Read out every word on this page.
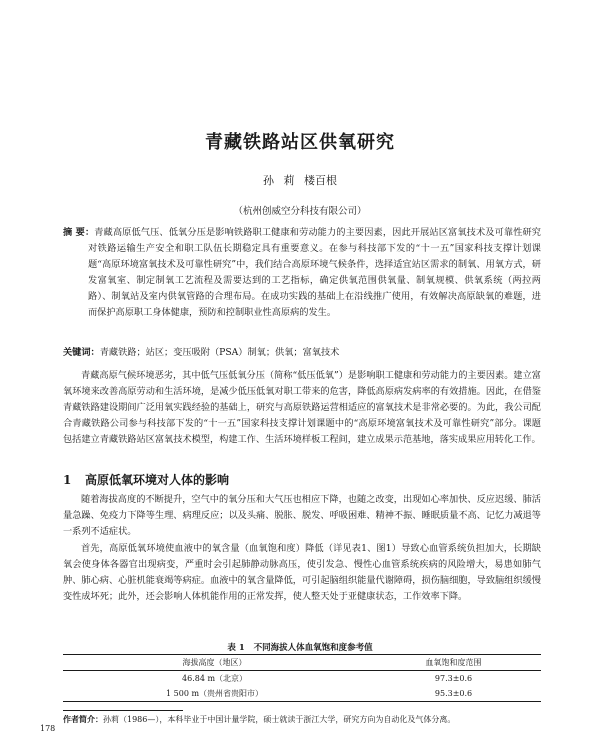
青藏铁路站区供氧研究
孙 莉 楼百根
（杭州创威空分科技有限公司）
摘 要：青藏高原低气压、低氧分压是影响铁路职工健康和劳动能力的主要因素，因此开展站区富氧技术及可靠性研究对铁路运输生产安全和职工队伍长期稳定具有重要意义。在参与科技部下发的“十一五”国家科技支撑计划课题“高原环境富氧技术及可靠性研究”中，我们结合高原环境气候条件，选择适宜站区需求的制氧、用氧方式，研发富氧室、制定制氧工艺流程及需要达到的工艺指标，确定供氧范围供氧量、制氧规模、供氧系统（两拉两路）、制氧站及室内供氧管路的合理布局。在成功实践的基础上在沿线推广使用，有效解决高原缺氧的难题，进而保护高原职工身体健康，预防和控制职业性高原病的发生。
关键词：青藏铁路；站区；变压吸附（PSA）制氧；供氧；富氧技术
青藏高原气候环境恶劣，其中低气压低氧分压（简称“低压低氧”）是影响职工健康和劳动能力的主要因素。建立富氧环境来改善高原劳动和生活环境，是减少低压低氧对职工带来的危害，降低高原病发病率的有效措施。因此，在借鉴青藏铁路建设期间广泛用氧实践经验的基础上，研究与高原铁路运营相适应的富氧技术是非常必要的。为此，我公司配合青藏铁路公司参与科技部下发的“十一五”国家科技支撑计划课题中的“高原环境富氧技术及可靠性研究”部分。课题包括建立青藏铁路站区富氧技术模型，构建工作、生活环境样板工程间，建立成果示范基地，落实成果应用转化工作。
1 高原低氧环境对人体的影响
随着海拔高度的不断提升，空气中的氧分压和大气压也相应下降，也随之改变，出现如心率加快、反应迟缓、肺活量急躁、免疫力下降等生理、病理反应；以及头痛、脱胀、脱发、呼吸困难、精神不振、睡眠质量不高、记忆力减退等一系列不适症状。
首先，高原低氧环境使血液中的氧含量（血氧饱和度）降低（详见表1、图1）导致心血管系统负担加大，长期缺氧会使身体各器官出现病变，严重时会引起肺静动脉高压，使引发急、慢性心血管系统疾病的风险增大，易患如肺气肿、肺心病、心脏机能衰竭等病症。血液中的氧含量降低，可引起脑组织能量代谢障碍，损伤脑细胞，导致脑组织缓慢变性成坏死；此外，还会影响人体机能作用的正常发挥，使人整天处于亚健康状态，工作效率下降。
表 1 不同海拔人体血氧饱和度参考值
海拔高度（地区）	血氧饱和度范围
46.84 m（北京）	97.3±0.6
1 500 m（贵州省贵阳市）	95.3±0.6
作者简介：孙莉（1986—），本科毕业于中国计量学院，硕士就读于浙江大学，研究方向为自动化及气体分离。
178
